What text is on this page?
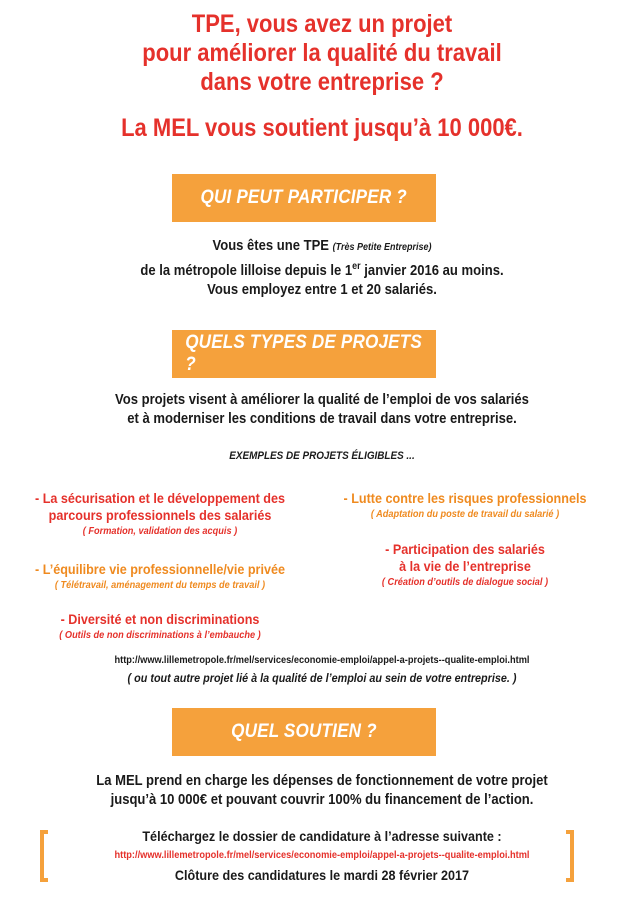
TPE, vous avez un projet
pour améliorer la qualité du travail
dans votre entreprise ?
La MEL vous soutient jusqu’à 10 000€.
QUI PEUT PARTICIPER ?
Vous êtes une TPE (Très Petite Entreprise)
de la métropole lilloise depuis le 1er janvier 2016 au moins.
Vous employez entre 1 et 20 salariés.
QUELS TYPES DE PROJETS ?
Vos projets visent à améliorer la qualité de l’emploi de vos salariés
et à moderniser les conditions de travail dans votre entreprise.
EXEMPLES DE PROJETS ÉLIGIBLES ...
- La sécurisation et le développement des
parcours professionnels des salariés
( Formation, validation des acquis )
- Lutte contre les risques professionnels
( Adaptation du poste de travail du salarié )
- L’équilibre vie professionnelle/vie privée
( Télétravail, aménagement du temps de travail )
- Participation des salariés
à la vie de l’entreprise
( Création d’outils de dialogue social )
- Diversité et non discriminations
( Outils de non discriminations à l’embauche )
http://www.lillemetropole.fr/mel/services/economie-emploi/appel-a-projets--qualite-emploi.html
( ou tout autre projet lié à la qualité de l’emploi au sein de votre entreprise. )
QUEL SOUTIEN ?
La MEL prend en charge les dépenses de fonctionnement de votre projet
jusqu’à 10 000€ et pouvant couvrir 100% du financement de l’action.
Téléchargez le dossier de candidature à l’adresse suivante :
http://www.lillemetropole.fr/mel/services/economie-emploi/appel-a-projets--qualite-emploi.html
Clôture des candidatures le mardi 28 février 2017
